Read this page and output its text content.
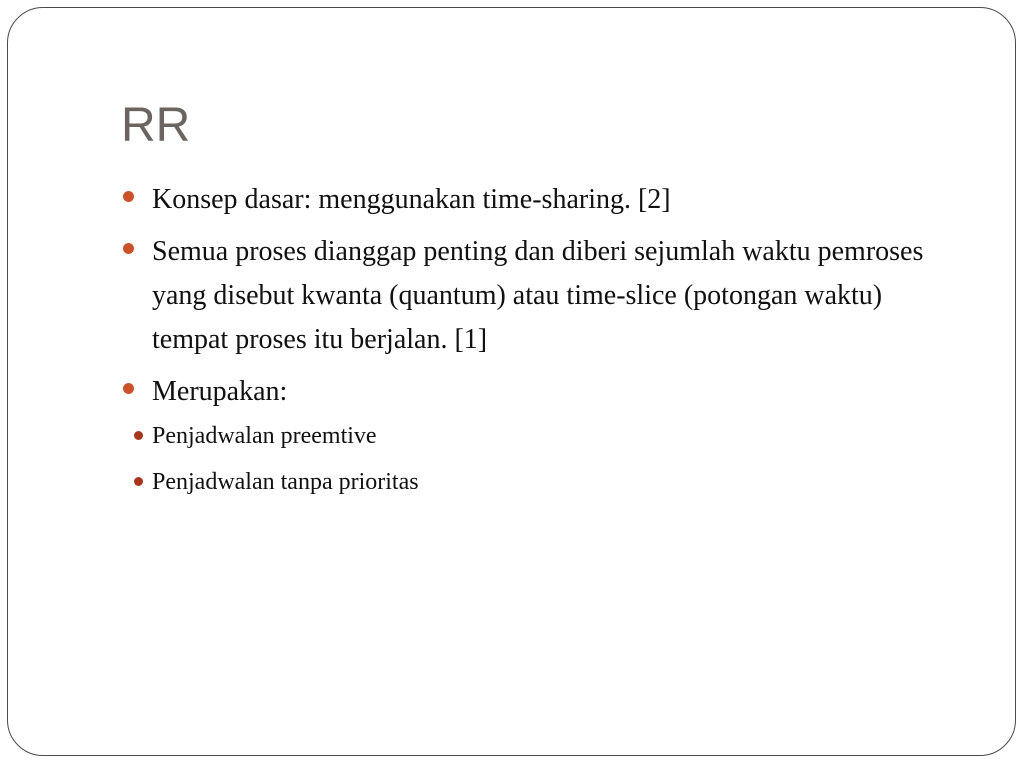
RR
Konsep dasar: menggunakan time-sharing. [2]
Semua proses dianggap penting dan diberi sejumlah waktu pemroses yang disebut kwanta (quantum) atau time-slice (potongan waktu) tempat proses itu berjalan. [1]
Merupakan:
Penjadwalan preemtive
Penjadwalan tanpa prioritas
